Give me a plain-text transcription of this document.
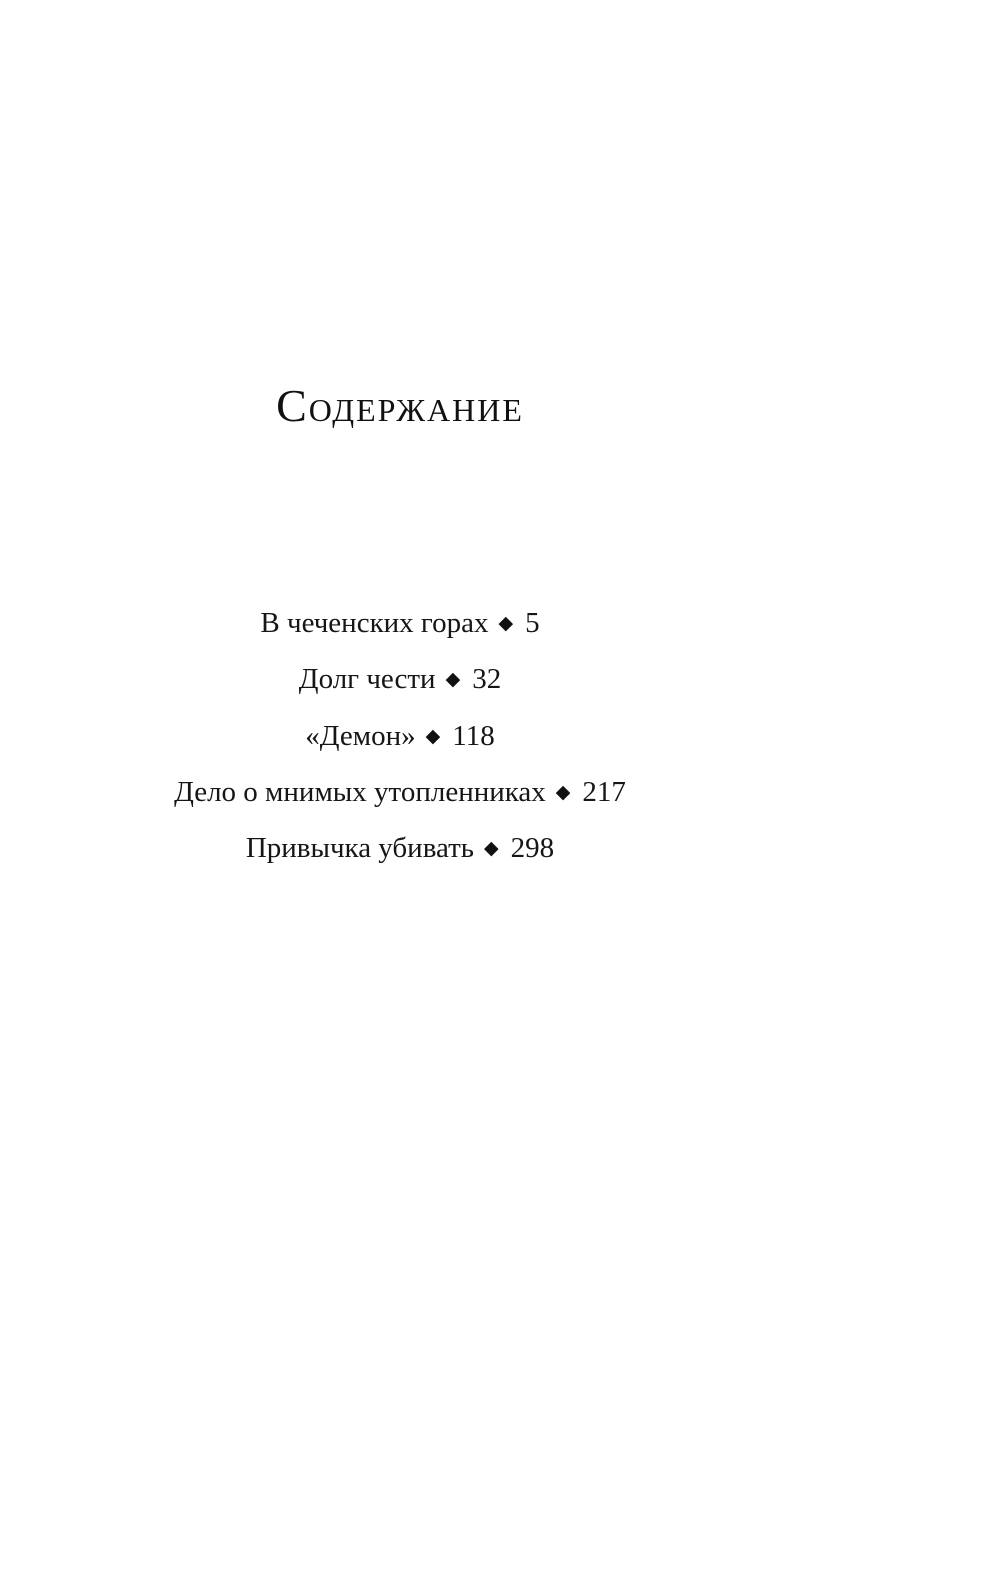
Содержание
В чеченских горах ◆ 5
Долг чести ◆ 32
«Демон» ◆ 118
Дело о мнимых утопленниках ◆ 217
Привычка убивать ◆ 298
